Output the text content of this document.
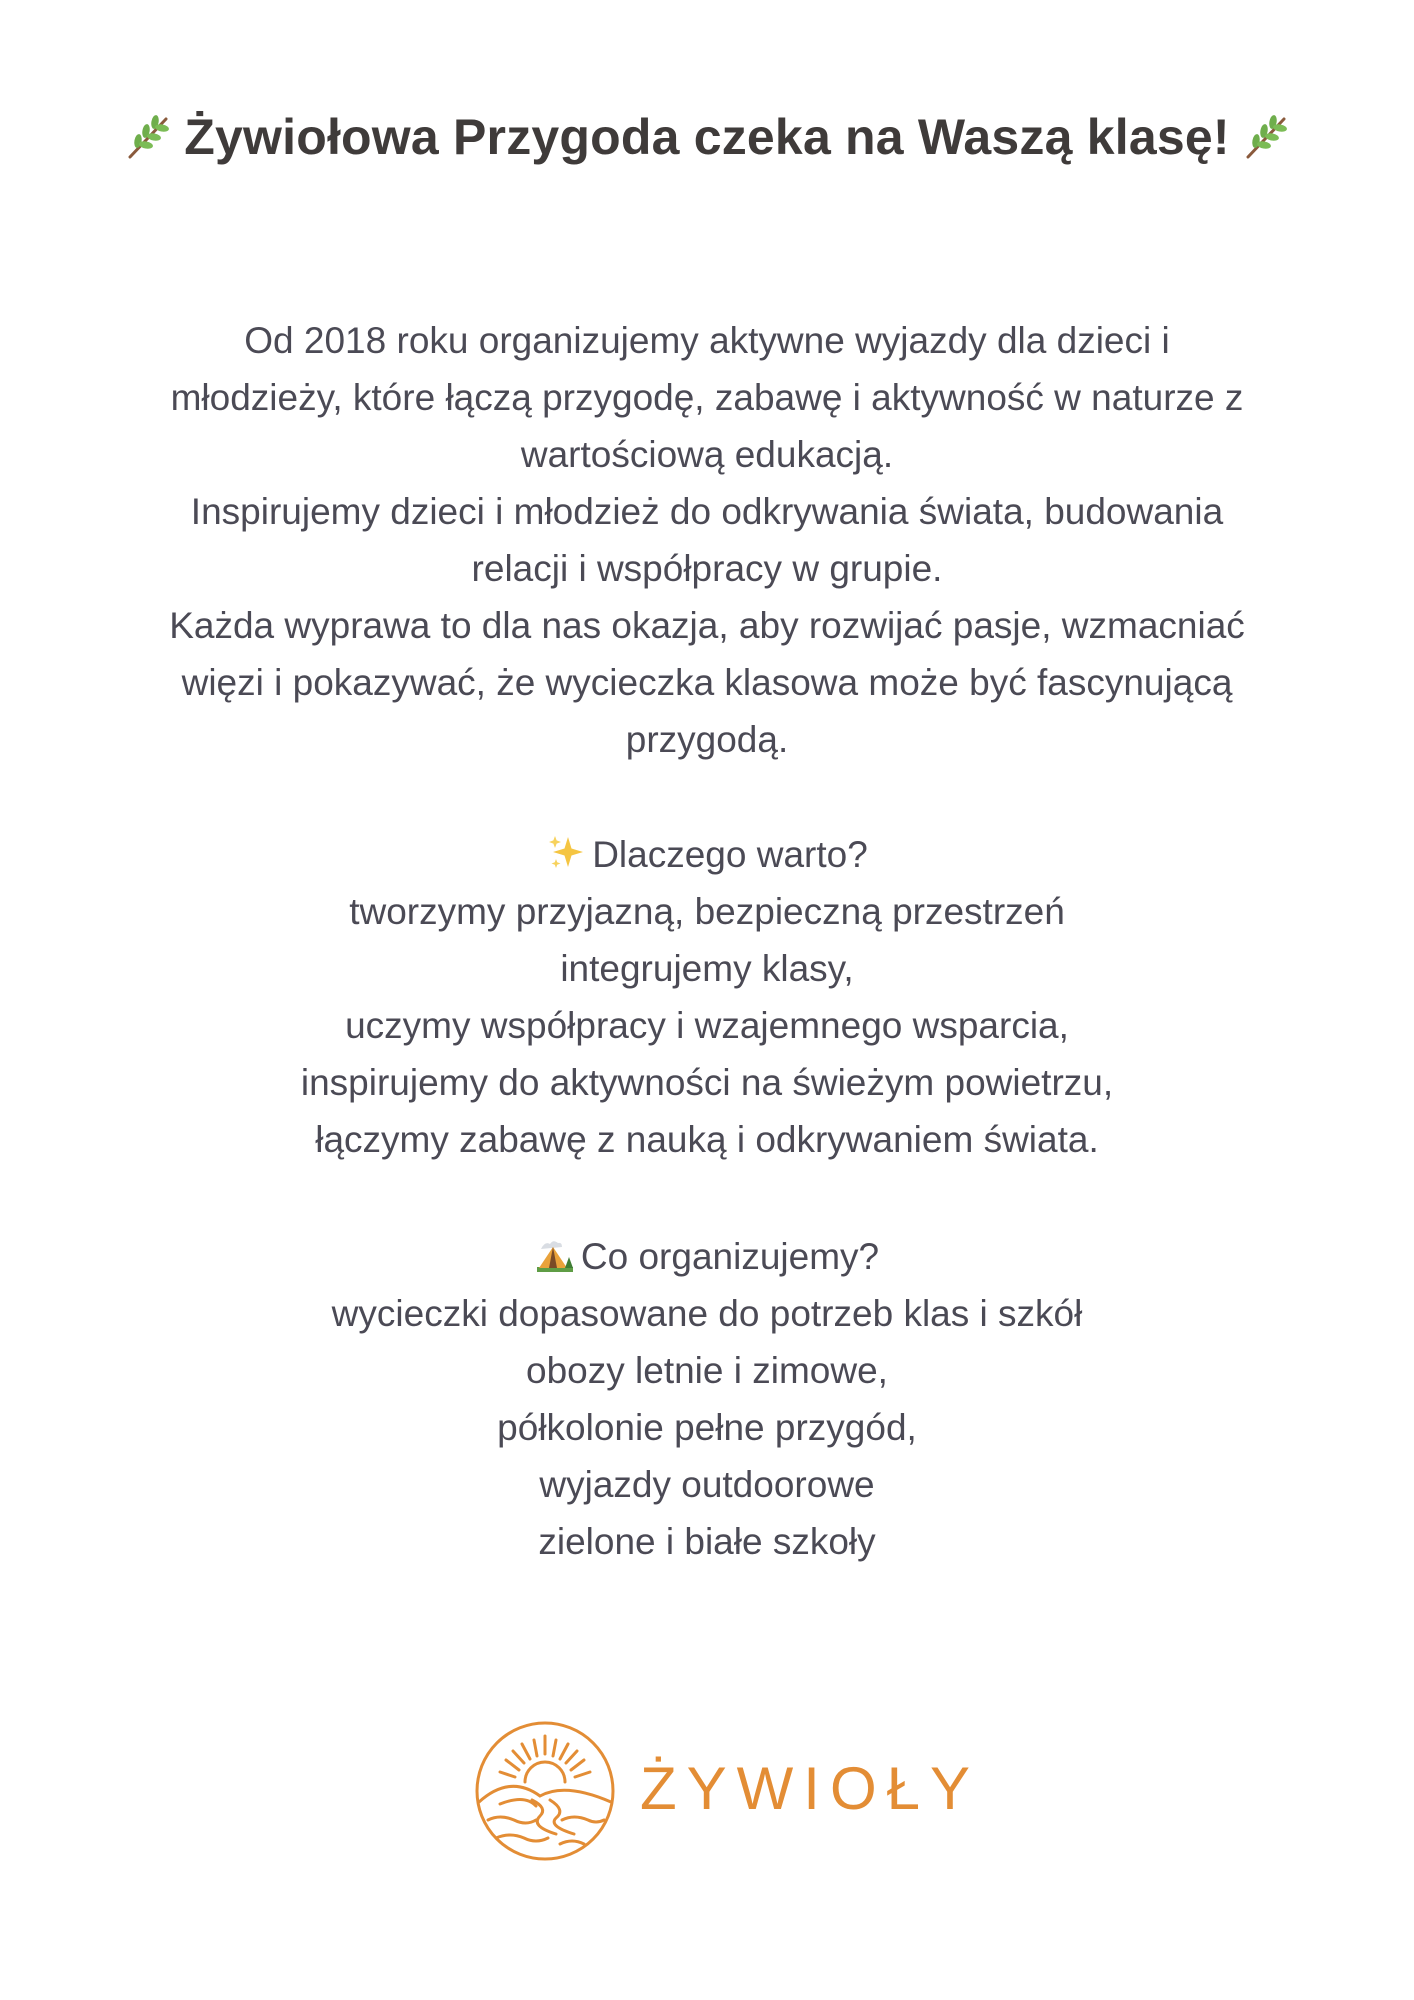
Żywiołowa Przygoda czeka na Waszą klasę!
Od 2018 roku organizujemy aktywne wyjazdy dla dzieci i
młodzieży, które łączą przygodę, zabawę i aktywność w naturze z
wartościową edukacją.
Inspirujemy dzieci i młodzież do odkrywania świata, budowania
relacji i współpracy w grupie.
Każda wyprawa to dla nas okazja, aby rozwijać pasje, wzmacniać
więzi i pokazywać, że wycieczka klasowa może być fascynującą
przygodą.
Dlaczego warto?
tworzymy przyjazną, bezpieczną przestrzeń
integrujemy klasy,
uczymy współpracy i wzajemnego wsparcia,
inspirujemy do aktywności na świeżym powietrzu,
łączymy zabawę z nauką i odkrywaniem świata.
Co organizujemy?
wycieczki dopasowane do potrzeb klas i szkół
obozy letnie i zimowe,
półkolonie pełne przygód,
wyjazdy outdoorowe
zielone i białe szkoły
ŻYWIOŁY
